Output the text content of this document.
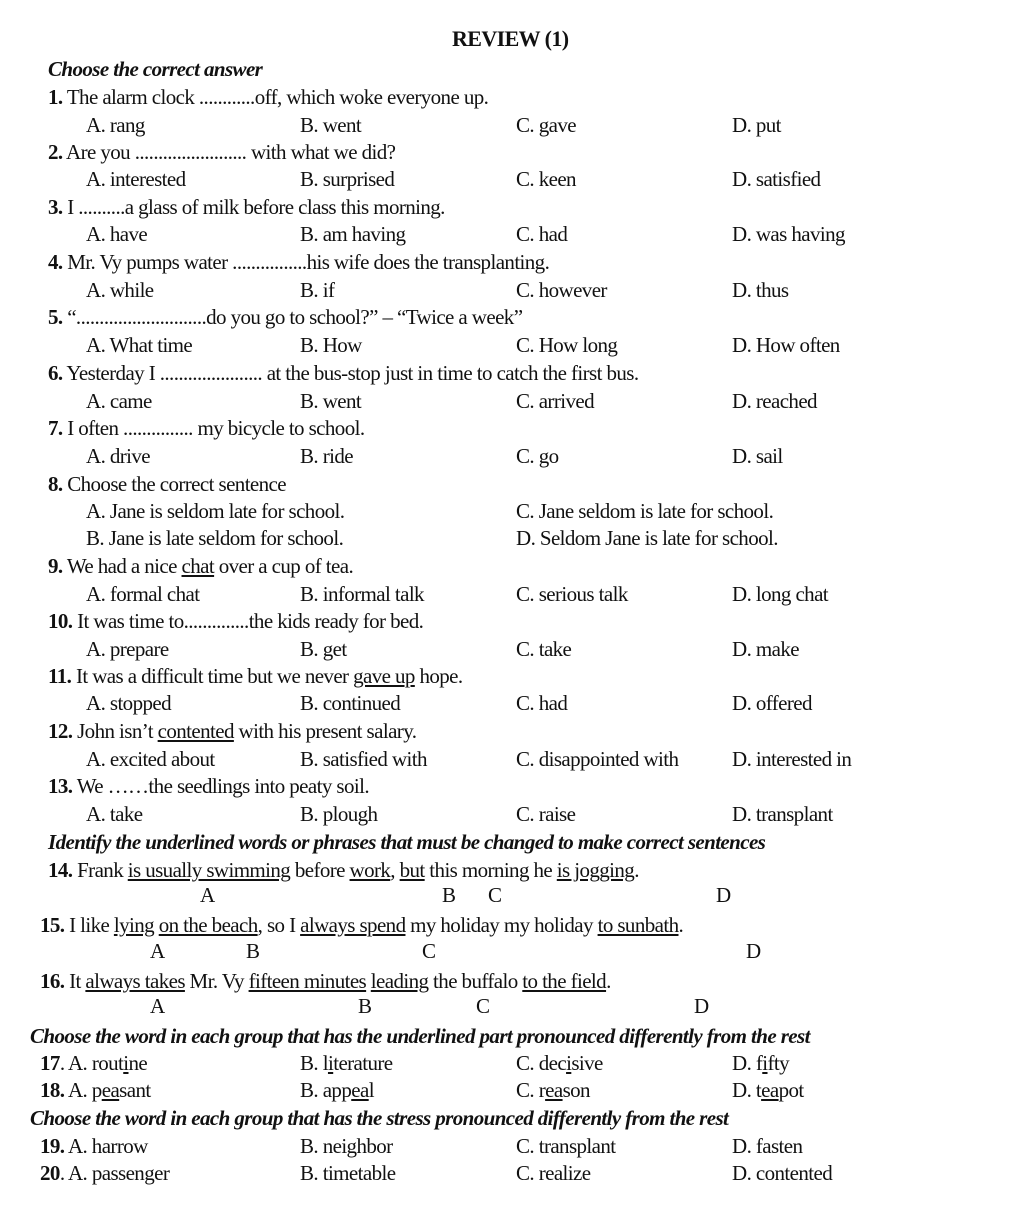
REVIEW (1)
Choose the correct answer
1. The alarm clock ............off, which woke everyone up.
A. rang	B. went	C. gave	D. put
2. Are you ........................ with what we did?
A. interested	B. surprised	C. keen	D. satisfied
3. I ..........a glass of milk before class this morning.
A. have	B. am having	C. had	D. was having
4. Mr. Vy pumps water ................his wife does the transplanting.
A. while	B. if	C. however	D. thus
5. “............................do you go to school?” – “Twice a week”
A. What time	B. How	C. How long	D. How often
6. Yesterday I ...................... at the bus-stop just in time to catch the first bus.
A. came	B. went	C. arrived	D. reached
7. I often ............... my bicycle to school.
A. drive	B. ride	C. go	D. sail
8. Choose the correct sentence
A. Jane is seldom late for school.	C. Jane seldom is late for school.
B. Jane is late seldom for school.	D. Seldom Jane is late for school.
9. We had a nice chat over a cup of tea.
A. formal chat	B. informal talk	C. serious talk	D. long chat
10. It was time to..............the kids ready for bed.
A. prepare	B. get	C. take	D. make
11. It was a difficult time but we never gave up hope.
A. stopped	B. continued	C. had	D. offered
12. John isn’t contented with his present salary.
A. excited about	B. satisfied with	C. disappointed with	D. interested in
13. We ……the seedlings into peaty soil.
A. take	B. plough	C. raise	D. transplant
Identify the underlined words or phrases that must be changed to make correct sentences
14. Frank is usually swimming before work, but this morning he is jogging.
A	B C	D
15. I like lying on the beach, so I always spend my holiday my holiday to sunbath.
A	B	C	D
16. It always takes Mr. Vy fifteen minutes leading the buffalo to the field.
A	B	C	D
Choose the word in each group that has the underlined part pronounced differently from the rest
17. A. routine	B. literature	C. decisive	D. fifty
18. A. peasant	B. appeal	C. reason	D. teapot
Choose the word in each group that has the stress pronounced differently from the rest
19. A. harrow	B. neighbor	C. transplant	D. fasten
20. A. passenger	B. timetable	C. realize	D. contented
